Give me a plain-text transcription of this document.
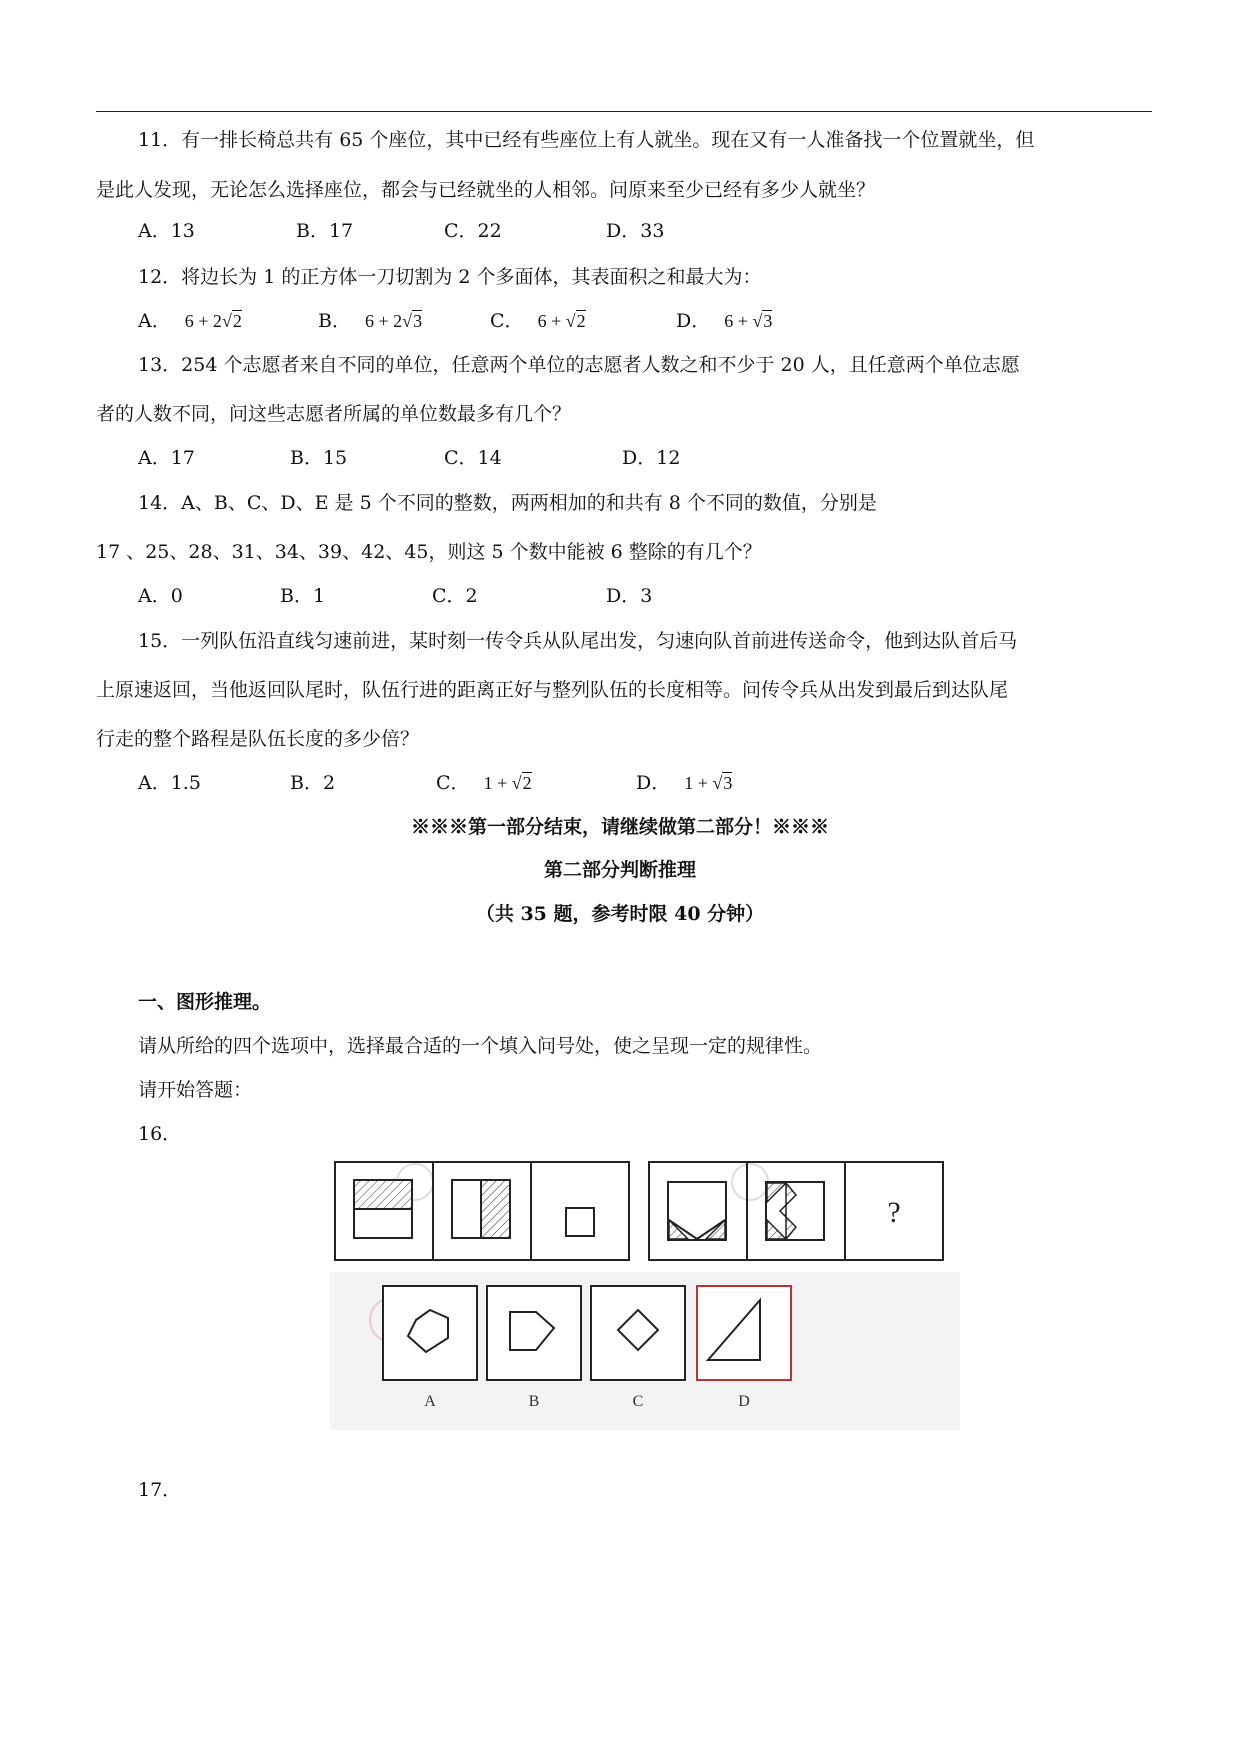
11．有一排长椅总共有 65 个座位，其中已经有些座位上有人就坐。现在又有一人准备找一个位置就坐，但
是此人发现，无论怎么选择座位，都会与已经就坐的人相邻。问原来至少已经有多少人就坐？
A．13	B．17	C．22	D．33
12．将边长为 1 的正方体一刀切割为 2 个多面体，其表面积之和最大为：
A． 6 + 2√2	B． 6 + 2√3	C． 6 + √2	D． 6 + √3
13．254 个志愿者来自不同的单位，任意两个单位的志愿者人数之和不少于 20 人，且任意两个单位志愿
者的人数不同，问这些志愿者所属的单位数最多有几个？
A．17	B．15	C．14	D．12
14．A、B、C、D、E 是 5 个不同的整数，两两相加的和共有 8 个不同的数值，分别是
17 、25、28、31、34、39、42、45，则这 5 个数中能被 6 整除的有几个？
A．0	B．1	C．2	D．3
15．一列队伍沿直线匀速前进，某时刻一传令兵从队尾出发，匀速向队首前进传送命令，他到达队首后马
上原速返回，当他返回队尾时，队伍行进的距离正好与整列队伍的长度相等。问传令兵从出发到最后到达队尾
行走的整个路程是队伍长度的多少倍？
A．1.5	B．2	C． 1 + √2	D． 1 + √3
※※※第一部分结束，请继续做第二部分！※※※
第二部分判断推理
（共 35 题，参考时限 40 分钟）
一、图形推理。
请从所给的四个选项中，选择最合适的一个填入问号处，使之呈现一定的规律性。
请开始答题：
16．
?
A	B	C	D
17．
